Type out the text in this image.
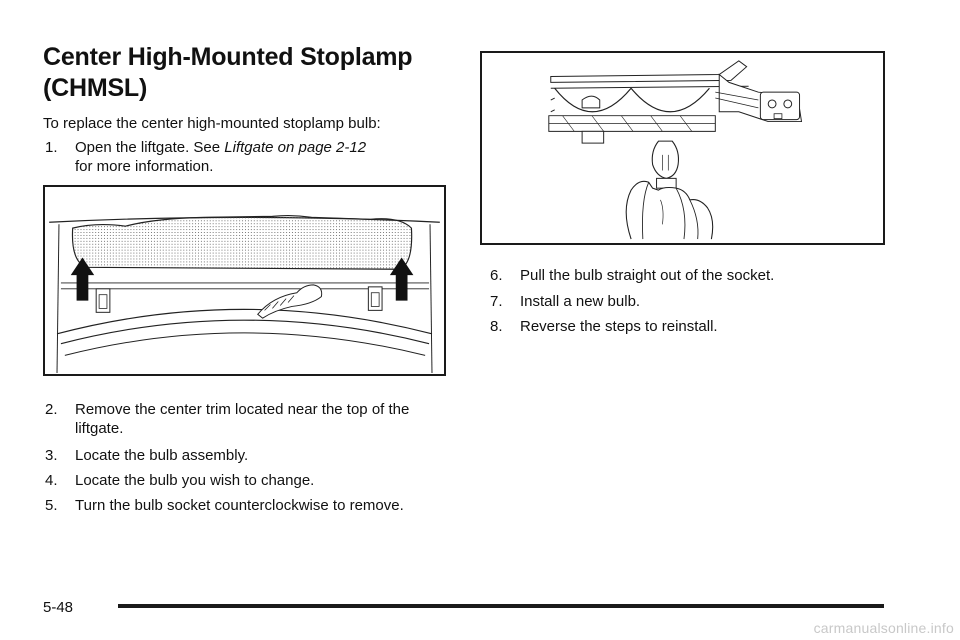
Center High-Mounted Stoplamp (CHMSL)

To replace the center high-mounted stoplamp bulb:

1.	Open the liftgate. See Liftgate on page 2-12
for more information.
2.	Remove the center trim located near the top of the liftgate.
3.	Locate the bulb assembly.
4.	Locate the bulb you wish to change.
5.	Turn the bulb socket counterclockwise to remove.
6.	Pull the bulb straight out of the socket.
7.	Install a new bulb.
8.	Reverse the steps to reinstall.
5-48
carmanualsonline.info
